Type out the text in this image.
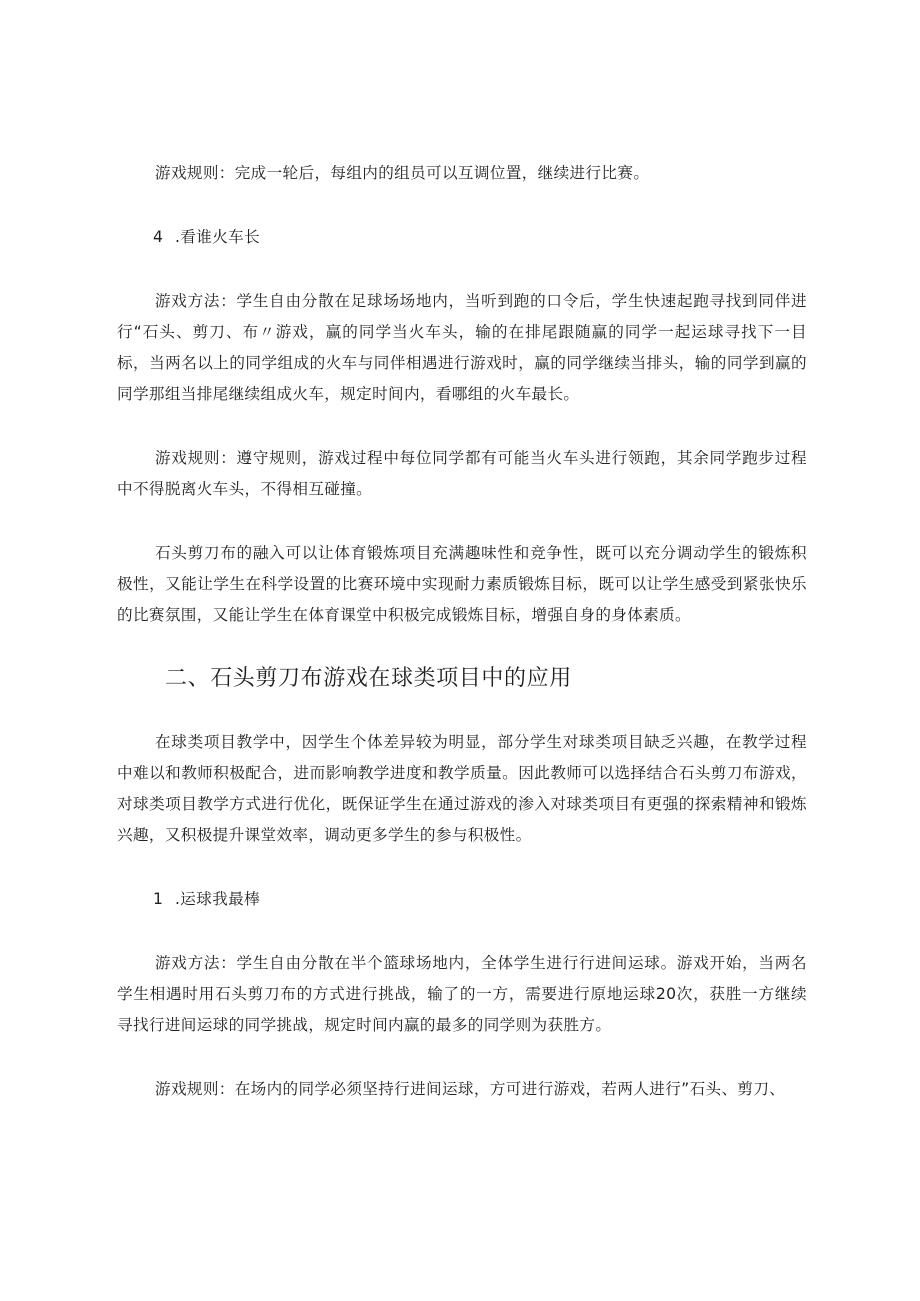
游戏规则：完成一轮后，每组内的组员可以互调位置，继续进行比赛。

4 .看谁火车长

游戏方法：学生自由分散在足球场场地内，当听到跑的口令后，学生快速起跑寻找到同伴进行“石头、剪刀、布〃游戏，赢的同学当火车头，输的在排尾跟随赢的同学一起运球寻找下一目标，当两名以上的同学组成的火车与同伴相遇进行游戏时，赢的同学继续当排头，输的同学到赢的同学那组当排尾继续组成火车，规定时间内，看哪组的火车最长。

游戏规则：遵守规则，游戏过程中每位同学都有可能当火车头进行领跑，其余同学跑步过程中不得脱离火车头，不得相互碰撞。

石头剪刀布的融入可以让体育锻炼项目充满趣味性和竞争性，既可以充分调动学生的锻炼积极性，又能让学生在科学设置的比赛环境中实现耐力素质锻炼目标，既可以让学生感受到紧张快乐的比赛氛围，又能让学生在体育课堂中积极完成锻炼目标，增强自身的身体素质。

二、石头剪刀布游戏在球类项目中的应用

在球类项目教学中，因学生个体差异较为明显，部分学生对球类项目缺乏兴趣，在教学过程中难以和教师积极配合，进而影响教学进度和教学质量。因此教师可以选择结合石头剪刀布游戏，对球类项目教学方式进行优化，既保证学生在通过游戏的渗入对球类项目有更强的探索精神和锻炼兴趣，又积极提升课堂效率，调动更多学生的参与积极性。

1 .运球我最棒

游戏方法：学生自由分散在半个篮球场地内，全体学生进行行进间运球。游戏开始，当两名学生相遇时用石头剪刀布的方式进行挑战，输了的一方，需要进行原地运球20次，获胜一方继续寻找行进间运球的同学挑战，规定时间内赢的最多的同学则为获胜方。

游戏规则：在场内的同学必须坚持行进间运球，方可进行游戏，若两人进行”石头、剪刀、
